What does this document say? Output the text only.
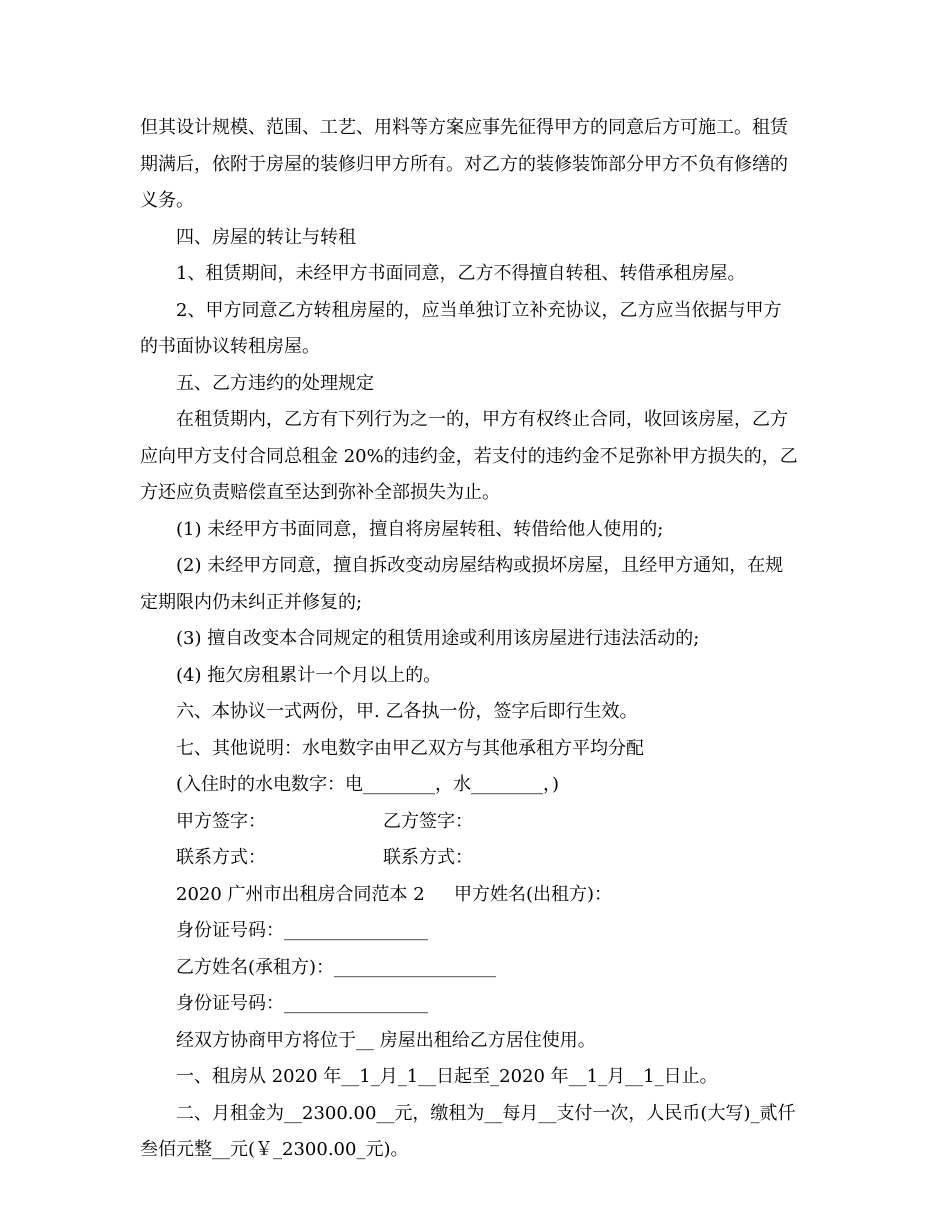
但其设计规模、范围、工艺、用料等方案应事先征得甲方的同意后方可施工。租赁
期满后，依附于房屋的装修归甲方所有。对乙方的装修装饰部分甲方不负有修缮的
义务。
四、房屋的转让与转租
1、租赁期间，未经甲方书面同意，乙方不得擅自转租、转借承租房屋。
2、甲方同意乙方转租房屋的，应当单独订立补充协议，乙方应当依据与甲方
的书面协议转租房屋。
五、乙方违约的处理规定
在租赁期内，乙方有下列行为之一的，甲方有权终止合同，收回该房屋，乙方
应向甲方支付合同总租金 20%的违约金，若支付的违约金不足弥补甲方损失的，乙
方还应负责赔偿直至达到弥补全部损失为止。
(1) 未经甲方书面同意，擅自将房屋转租、转借给他人使用的;
(2) 未经甲方同意，擅自拆改变动房屋结构或损坏房屋，且经甲方通知，在规
定期限内仍未纠正并修复的;
(3) 擅自改变本合同规定的租赁用途或利用该房屋进行违法活动的;
(4) 拖欠房租累计一个月以上的。
六、本协议一式两份，甲. 乙各执一份，签字后即行生效。
七、其他说明：水电数字由甲乙双方与其他承租方平均分配
(入住时的水电数字：电________，水________，)
甲方签字：	乙方签字：
联系方式：	联系方式：
2020 广州市出租房合同范本 2 甲方姓名(出租方)：
身份证号码：________________
乙方姓名(承租方)：__________________
身份证号码：________________
经双方协商甲方将位于__ 房屋出租给乙方居住使用。
一、租房从 2020 年__1_月_1__日起至_2020 年__1_月__1_日止。
二、月租金为__2300.00__元，缴租为__每月__支付一次，人民币(大写)_贰仟
叁佰元整__元(￥_2300.00_元)。
